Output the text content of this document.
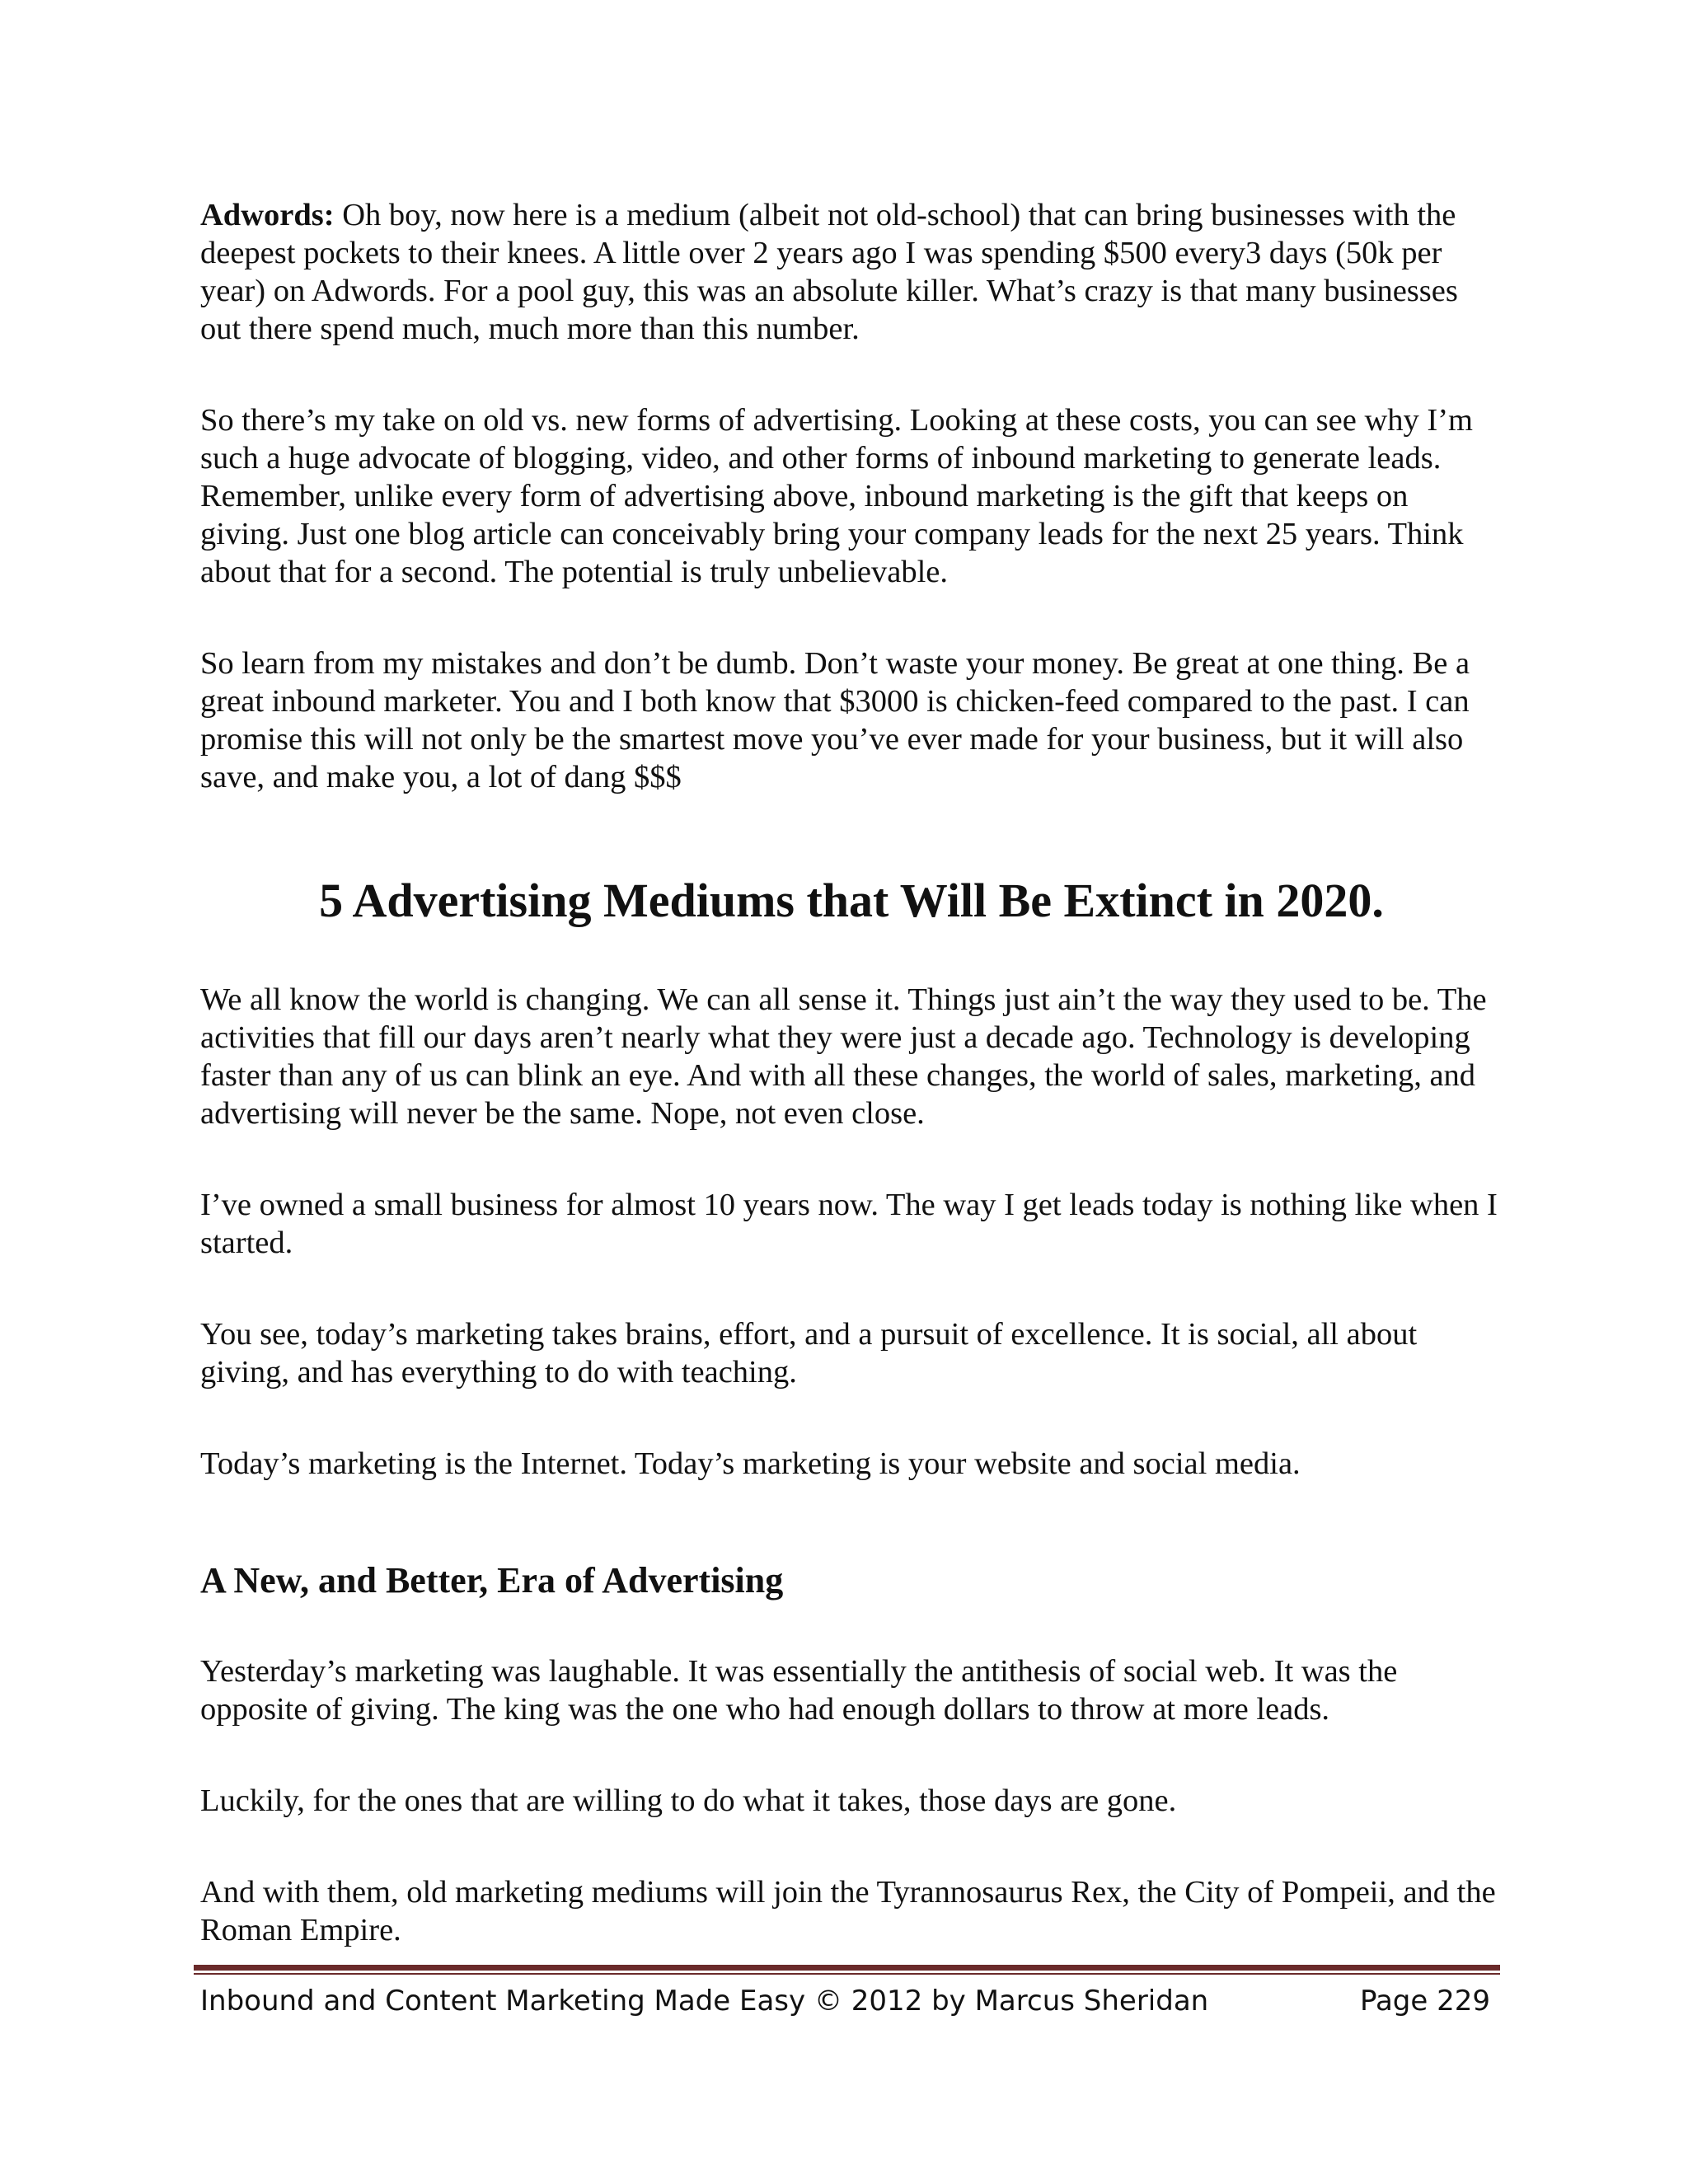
Adwords: Oh boy, now here is a medium (albeit not old-school) that can bring businesses with the deepest pockets to their knees. A little over 2 years ago I was spending $500 every3 days (50k per year) on Adwords. For a pool guy, this was an absolute killer. What’s crazy is that many businesses out there spend much, much more than this number.

So there’s my take on old vs. new forms of advertising. Looking at these costs, you can see why I’m such a huge advocate of blogging, video, and other forms of inbound marketing to generate leads. Remember, unlike every form of advertising above, inbound marketing is the gift that keeps on giving. Just one blog article can conceivably bring your company leads for the next 25 years. Think about that for a second. The potential is truly unbelievable.

So learn from my mistakes and don’t be dumb. Don’t waste your money. Be great at one thing. Be a great inbound marketer. You and I both know that $3000 is chicken-feed compared to the past. I can promise this will not only be the smartest move you’ve ever made for your business, but it will also save, and make you, a lot of dang $$$

5 Advertising Mediums that Will Be Extinct in 2020.

We all know the world is changing. We can all sense it. Things just ain’t the way they used to be. The activities that fill our days aren’t nearly what they were just a decade ago. Technology is developing faster than any of us can blink an eye. And with all these changes, the world of sales, marketing, and advertising will never be the same. Nope, not even close.

I’ve owned a small business for almost 10 years now. The way I get leads today is nothing like when I started.

You see, today’s marketing takes brains, effort, and a pursuit of excellence. It is social, all about giving, and has everything to do with teaching.

Today’s marketing is the Internet. Today’s marketing is your website and social media.

A New, and Better, Era of Advertising

Yesterday’s marketing was laughable. It was essentially the antithesis of social web. It was the opposite of giving. The king was the one who had enough dollars to throw at more leads.

Luckily, for the ones that are willing to do what it takes, those days are gone.

And with them, old marketing mediums will join the Tyrannosaurus Rex, the City of Pompeii, and the Roman Empire.

Inbound and Content Marketing Made Easy © 2012 by Marcus Sheridan	Page 229
